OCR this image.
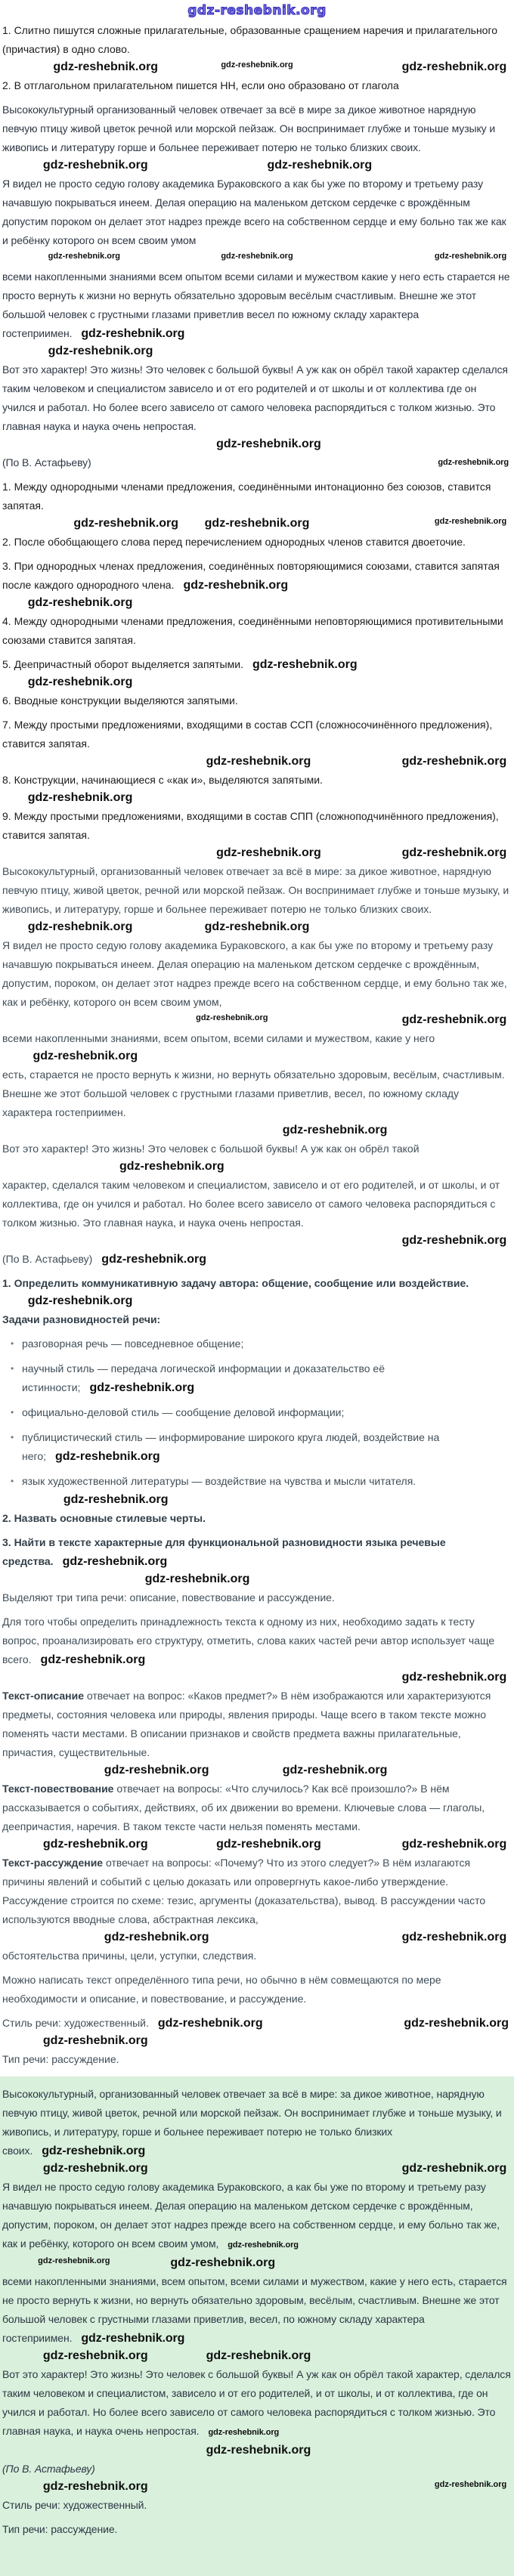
gdz-reshebnik.org

1. Слитно пишутся сложные прилагательные, образованные сращением наречия и прилагательного (причастия) в одно слово.

gdz-reshebnik.org	gdz-reshebnik.org	gdz-reshebnik.org

2. В отглагольном прилагательном пишется НН, если оно образовано от глагола

Высококультурный организованный человек отвечает за всё в мире за дикое животное нарядную певчую птицу живой цветок речной или морской пейзаж. Он воспринимает глубже и тоньше музыку и живопись и литературу горше и больнее переживает потерю не только близких своих.

gdz-reshebnik.org	gdz-reshebnik.org

Я видел не просто седую голову академика Бураковского а как бы уже по второму и третьему разу начавшую покрываться инеем. Делая операцию на маленьком детском сердечке с врождённым допустим пороком он делает этот надрез прежде всего на собственном сердце и ему больно так же как и ребёнку которого он всем своим умом

gdz-reshebnik.org	gdz-reshebnik.org	gdz-reshebnik.org

всеми накопленными знаниями всем опытом всеми силами и мужеством какие у него есть старается не просто вернуть к жизни но вернуть обязательно здоровым весёлым счастливым. Внешне же этот большой человек с грустными глазами приветлив весел по южному складу характера гостеприимен. gdz-reshebnik.org

gdz-reshebnik.org

Вот это характер! Это жизнь! Это человек с большой буквы! А уж как он обрёл такой характер сделался таким человеком и специалистом зависело и от его родителей и от школы и от коллектива где он учился и работал. Но более всего зависело от самого человека распорядиться с толком жизнью. Это главная наука и наука очень непростая.

gdz-reshebnik.org

gdz-reshebnik.org
(По В. Астафьеву)

1. Между однородными членами предложения, соединёнными интонационно без союзов, ставится запятая.

gdz-reshebnik.org gdz-reshebnik.org	gdz-reshebnik.org

2. После обобщающего слова перед перечислением однородных членов ставится двоеточие.

3. При однородных членах предложения, соединённых повторяющимися союзами, ставится запятая после каждого однородного члена. gdz-reshebnik.org

gdz-reshebnik.org

4. Между однородными членами предложения, соединёнными неповторяющимися противительными союзами ставится запятая.

5. Деепричастный оборот выделяется запятыми. gdz-reshebnik.org

gdz-reshebnik.org

6. Вводные конструкции выделяются запятыми.

7. Между простыми предложениями, входящими в состав ССП (сложносочинённого предложения), ставится запятая.

gdz-reshebnik.org	gdz-reshebnik.org

8. Конструкции, начинающиеся с «как и», выделяются запятыми.

gdz-reshebnik.org

9. Между простыми предложениями, входящими в состав СПП (сложноподчинённого предложения), ставится запятая.

gdz-reshebnik.org	gdz-reshebnik.org

Высококультурный, организованный человек отвечает за всё в мире: за дикое животное, нарядную певчую птицу, живой цветок, речной или морской пейзаж. Он воспринимает глубже и тоньше музыку, и живопись, и литературу, горше и больнее переживает потерю не только близких своих.

gdz-reshebnik.org	gdz-reshebnik.org

Я видел не просто седую голову академика Бураковского, а как бы уже по второму и третьему разу начавшую покрываться инеем. Делая операцию на маленьком детском сердечке с врождённым, допустим, пороком, он делает этот надрез прежде всего на собственном сердце, и ему больно так же, как и ребёнку, которого он всем своим умом,

gdz-reshebnik.org	gdz-reshebnik.org

всеми накопленными знаниями, всем опытом, всеми силами и мужеством, какие у него

gdz-reshebnik.org

есть, старается не просто вернуть к жизни, но вернуть обязательно здоровым, весёлым, счастливым. Внешне же этот большой человек с грустными глазами приветлив, весел, по южному складу характера гостеприимен.

gdz-reshebnik.org

Вот это характер! Это жизнь! Это человек с большой буквы! А уж как он обрёл такой

gdz-reshebnik.org

характер, сделался таким человеком и специалистом, зависело и от его родителей, и от школы, и от коллектива, где он учился и работал. Но более всего зависело от самого человека распорядиться с толком жизнью. Это главная наука, и наука очень непростая.

gdz-reshebnik.org

(По В. Астафьеву) gdz-reshebnik.org

1. Определить коммуникативную задачу автора: общение, сообщение или воздействие.

gdz-reshebnik.org

Задачи разновидностей речи:

• разговорная речь — повседневное общение;

• научный стиль — передача логической информации и доказательство её истинности; gdz-reshebnik.org

• официально-деловой стиль — сообщение деловой информации;

• публицистический стиль — информирование широкого круга людей, воздействие на него; gdz-reshebnik.org

• язык художественной литературы — воздействие на чувства и мысли читателя.

gdz-reshebnik.org

2. Назвать основные стилевые черты.

3. Найти в тексте характерные для функциональной разновидности языка речевые средства. gdz-reshebnik.org

gdz-reshebnik.org

Выделяют три типа речи: описание, повествование и рассуждение.

Для того чтобы определить принадлежность текста к одному из них, необходимо задать к тесту вопрос, проанализировать его структуру, отметить, слова каких частей речи автор использует чаще всего. gdz-reshebnik.org

gdz-reshebnik.org

Текст-описание отвечает на вопрос: «Каков предмет?» В нём изображаются или характеризуются предметы, состояния человека или природы, явления природы. Чаще всего в таком тексте можно поменять части местами. В описании признаков и свойств предмета важны прилагательные, причастия, существительные.

gdz-reshebnik.org	gdz-reshebnik.org

Текст-повествование отвечает на вопросы: «Что случилось? Как всё произошло?» В нём рассказывается о событиях, действиях, об их движении во времени. Ключевые слова — глаголы, деепричастия, наречия. В таком тексте части нельзя поменять местами.

gdz-reshebnik.org	gdz-reshebnik.org	gdz-reshebnik.org

Текст-рассуждение отвечает на вопросы: «Почему? Что из этого следует?» В нём излагаются причины явлений и событий с целью доказать или опровергнуть какое-либо утверждение. Рассуждение строится по схеме: тезис, аргументы (доказательства), вывод. В рассуждении часто используются вводные слова, абстрактная лексика,

gdz-reshebnik.org	gdz-reshebnik.org

обстоятельства причины, цели, уступки, следствия.

Можно написать текст определённого типа речи, но обычно в нём совмещаются по мере необходимости и описание, и повествование, и рассуждение.

gdz-reshebnik.org
Стиль речи: художественный. gdz-reshebnik.org

gdz-reshebnik.org

Тип речи: рассуждение.

Высококультурный, организованный человек отвечает за всё в мире: за дикое животное, нарядную певчую птицу, живой цветок, речной или морской пейзаж. Он воспринимает глубже и тоньше музыку, и живопись, и литературу, горше и больнее переживает потерю не только близких своих. gdz-reshebnik.org

gdz-reshebnik.org	gdz-reshebnik.org

Я видел не просто седую голову академика Бураковского, а как бы уже по второму и третьему разу начавшую покрываться инеем. Делая операцию на маленьком детском сердечке с врождённым, допустим, пороком, он делает этот надрез прежде всего на собственном сердце, и ему больно так же, как и ребёнку, которого он всем своим умом, gdz-reshebnik.org

gdz-reshebnik.org	gdz-reshebnik.org

всеми накопленными знаниями, всем опытом, всеми силами и мужеством, какие у него есть, старается не просто вернуть к жизни, но вернуть обязательно здоровым, весёлым, счастливым. Внешне же этот большой человек с грустными глазами приветлив, весел, по южному складу характера гостеприимен. gdz-reshebnik.org

gdz-reshebnik.org	gdz-reshebnik.org

Вот это характер! Это жизнь! Это человек с большой буквы! А уж как он обрёл такой характер, сделался таким человеком и специалистом, зависело и от его родителей, и от школы, и от коллектива, где он учился и работал. Но более всего зависело от самого человека распорядиться с толком жизнью. Это главная наука, и наука очень непростая. gdz-reshebnik.org

gdz-reshebnik.org

(По В. Астафьеву)

gdz-reshebnik.org	gdz-reshebnik.org

Стиль речи: художественный.

Тип речи: рассуждение.
